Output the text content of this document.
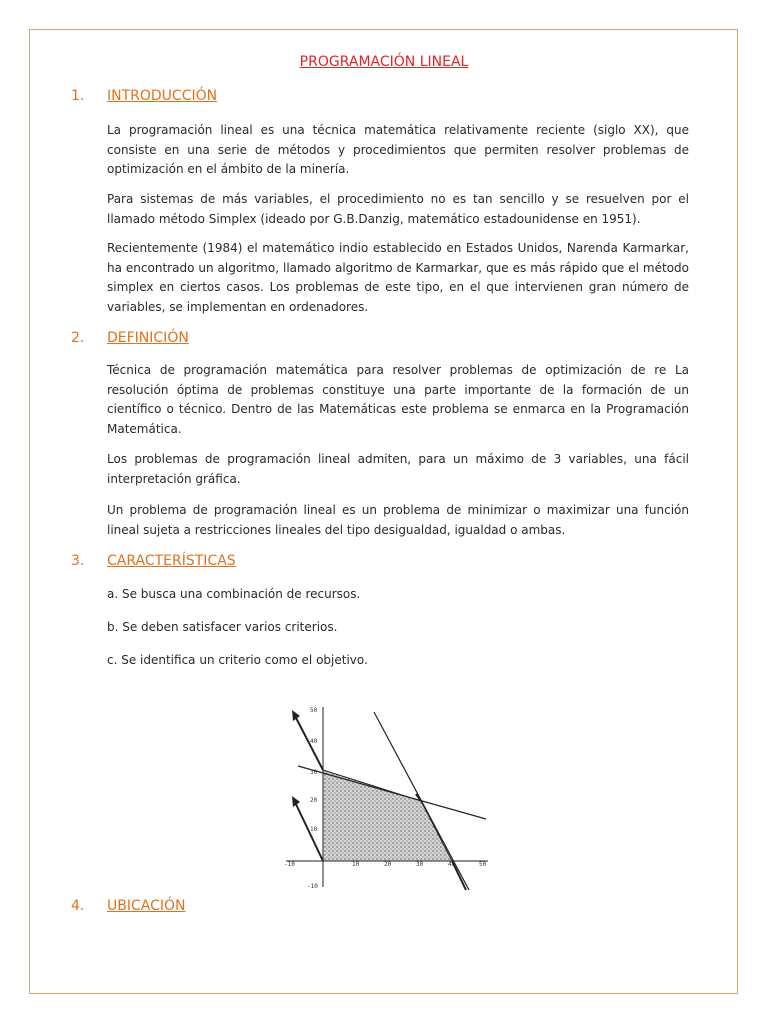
PROGRAMACIÓN LINEAL
1. INTRODUCCIÓN

La programación lineal es una técnica matemática relativamente reciente (siglo XX), que consiste en una serie de métodos y procedimientos que permiten resolver problemas de optimización en el ámbito de la minería.

Para sistemas de más variables, el procedimiento no es tan sencillo y se resuelven por el llamado método Simplex (ideado por G.B.Danzig, matemático estadounidense en 1951).

Recientemente (1984) el matemático indio establecido en Estados Unidos, Narenda Karmarkar, ha encontrado un algoritmo, llamado algoritmo de Karmarkar, que es más rápido que el método simplex en ciertos casos. Los problemas de este tipo, en el que intervienen gran número de variables, se implementan en ordenadores.

2. DEFINICIÓN

Técnica de programación matemática para resolver problemas de optimización de re La resolución óptima de problemas constituye una parte importante de la formación de un científico o técnico. Dentro de las Matemáticas este problema se enmarca en la Programación Matemática.

Los problemas de programación lineal admiten, para un máximo de 3 variables, una fácil interpretación gráfica.

Un problema de programación lineal es un problema de minimizar o maximizar una función lineal sujeta a restricciones lineales del tipo desigualdad, igualdad o ambas.

3. CARACTERÍSTICAS
a. Se busca una combinación de recursos.
b. Se deben satisfacer varios criterios.
c. Se identifica un criterio como el objetivo.
-10	10	20	30	40	50
50
40
30
20
10
-10
4. UBICACIÓN
